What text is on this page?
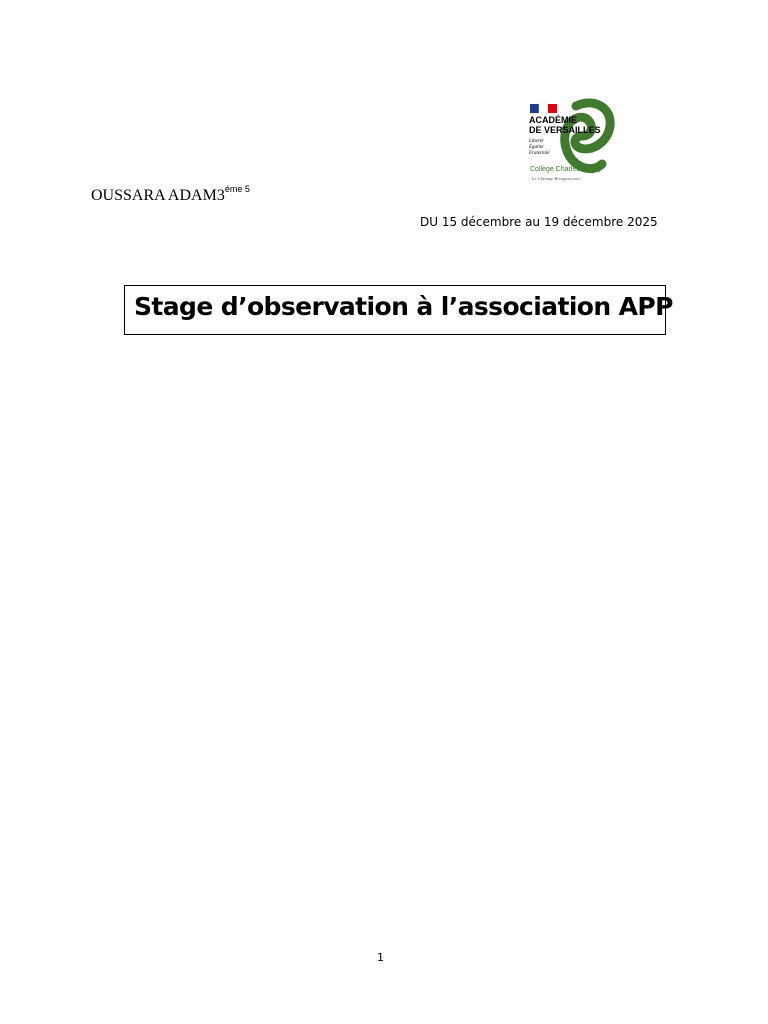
ACADÉMIE
DE VERSAILLES
Liberté
Égalité
Fraternité
Collège Charles Péguy
Le Chesnay-Rocquencourt
OUSSARA $ADAM3^{éme 5}$
DU 15 décembre au 19 décembre 2025
Stage d’observation à l’association APP
1
